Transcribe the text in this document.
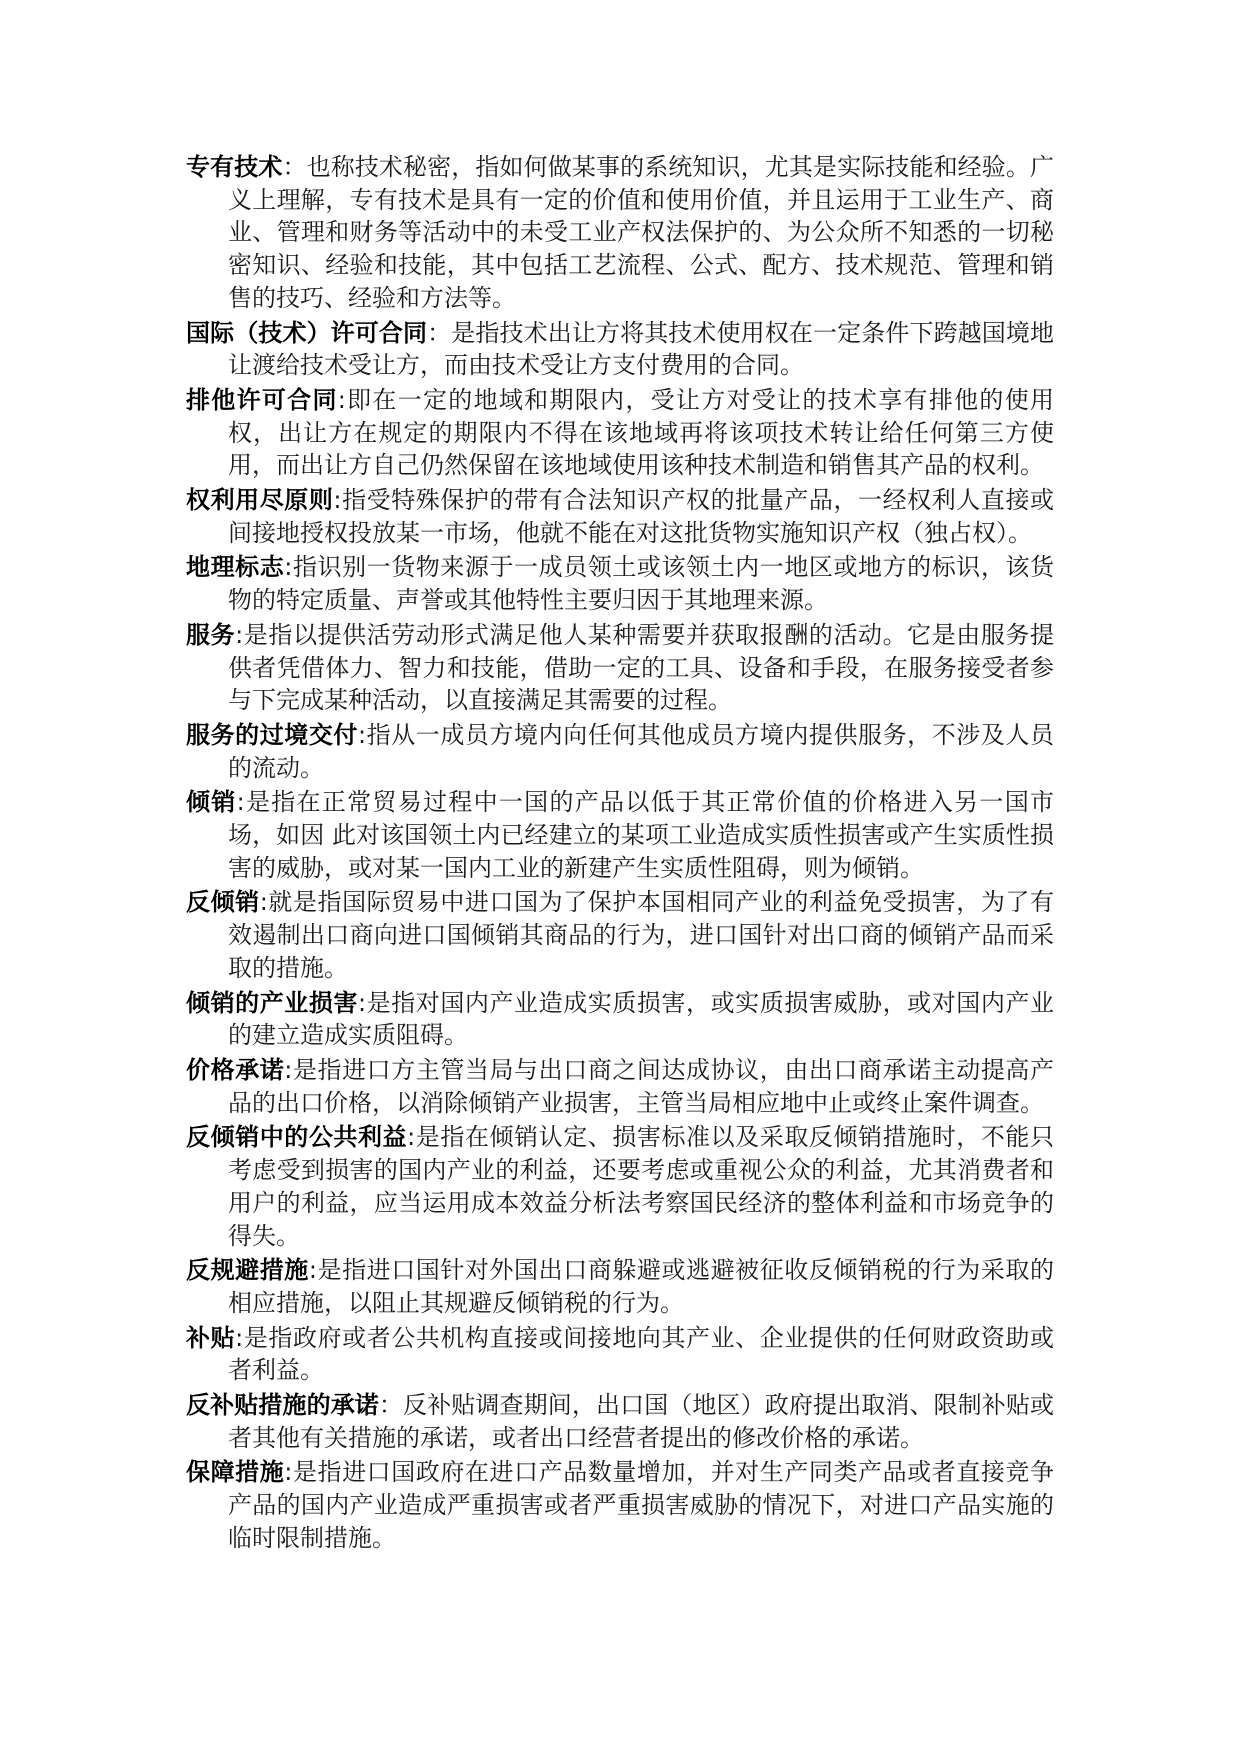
专有技术：也称技术秘密，指如何做某事的系统知识，尤其是实际技能和经验。广义上理解，专有技术是具有一定的价值和使用价值，并且运用于工业生产、商业、管理和财务等活动中的未受工业产权法保护的、为公众所不知悉的一切秘密知识、经验和技能，其中包括工艺流程、公式、配方、技术规范、管理和销售的技巧、经验和方法等。

国际（技术）许可合同：是指技术出让方将其技术使用权在一定条件下跨越国境地让渡给技术受让方，而由技术受让方支付费用的合同。

排他许可合同:即在一定的地域和期限内，受让方对受让的技术享有排他的使用权，出让方在规定的期限内不得在该地域再将该项技术转让给任何第三方使用，而出让方自己仍然保留在该地域使用该种技术制造和销售其产品的权利。

权利用尽原则:指受特殊保护的带有合法知识产权的批量产品，一经权利人直接或间接地授权投放某一市场，他就不能在对这批货物实施知识产权（独占权）。

地理标志:指识别一货物来源于一成员领土或该领土内一地区或地方的标识，该货物的特定质量、声誉或其他特性主要归因于其地理来源。

服务:是指以提供活劳动形式满足他人某种需要并获取报酬的活动。它是由服务提供者凭借体力、智力和技能，借助一定的工具、设备和手段，在服务接受者参与下完成某种活动，以直接满足其需要的过程。

服务的过境交付:指从一成员方境内向任何其他成员方境内提供服务，不涉及人员的流动。

倾销:是指在正常贸易过程中一国的产品以低于其正常价值的价格进入另一国市场，如因 此对该国领土内已经建立的某项工业造成实质性损害或产生实质性损害的威胁，或对某一国内工业的新建产生实质性阻碍，则为倾销。

反倾销:就是指国际贸易中进口国为了保护本国相同产业的利益免受损害，为了有效遏制出口商向进口国倾销其商品的行为，进口国针对出口商的倾销产品而采取的措施。

倾销的产业损害:是指对国内产业造成实质损害，或实质损害威胁，或对国内产业的建立造成实质阻碍。

价格承诺:是指进口方主管当局与出口商之间达成协议，由出口商承诺主动提高产品的出口价格，以消除倾销产业损害，主管当局相应地中止或终止案件调查。

反倾销中的公共利益:是指在倾销认定、损害标准以及采取反倾销措施时，不能只考虑受到损害的国内产业的利益，还要考虑或重视公众的利益，尤其消费者和用户的利益，应当运用成本效益分析法考察国民经济的整体利益和市场竞争的得失。

反规避措施:是指进口国针对外国出口商躲避或逃避被征收反倾销税的行为采取的相应措施，以阻止其规避反倾销税的行为。

补贴:是指政府或者公共机构直接或间接地向其产业、企业提供的任何财政资助或者利益。

反补贴措施的承诺：反补贴调查期间，出口国（地区）政府提出取消、限制补贴或者其他有关措施的承诺，或者出口经营者提出的修改价格的承诺。

保障措施:是指进口国政府在进口产品数量增加，并对生产同类产品或者直接竞争产品的国内产业造成严重损害或者严重损害威胁的情况下，对进口产品实施的临时限制措施。
